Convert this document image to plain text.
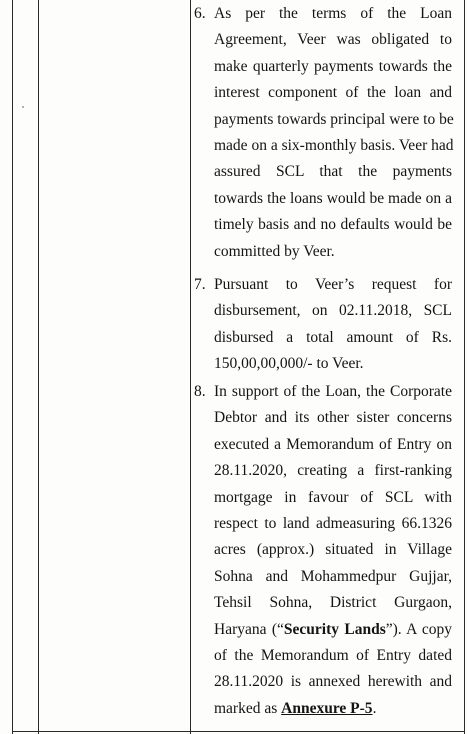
6. As per the terms of the Loan
Agreement, Veer was obligated to
make quarterly payments towards the
interest component of the loan and
payments towards principal were to be
made on a six-monthly basis. Veer had
assured SCL that the payments
towards the loans would be made on a
timely basis and no defaults would be
committed by Veer.
7. Pursuant to Veer’s request for
disbursement, on 02.11.2018, SCL
disbursed a total amount of Rs.
150,00,00,000/- to Veer.
8. In support of the Loan, the Corporate
Debtor and its other sister concerns
executed a Memorandum of Entry on
28.11.2020, creating a first-ranking
mortgage in favour of SCL with
respect to land admeasuring 66.1326
acres (approx.) situated in Village
Sohna and Mohammedpur Gujjar,
Tehsil Sohna, District Gurgaon,
Haryana (“Security Lands”). A copy
of the Memorandum of Entry dated
28.11.2020 is annexed herewith and
marked as Annexure P-5.
